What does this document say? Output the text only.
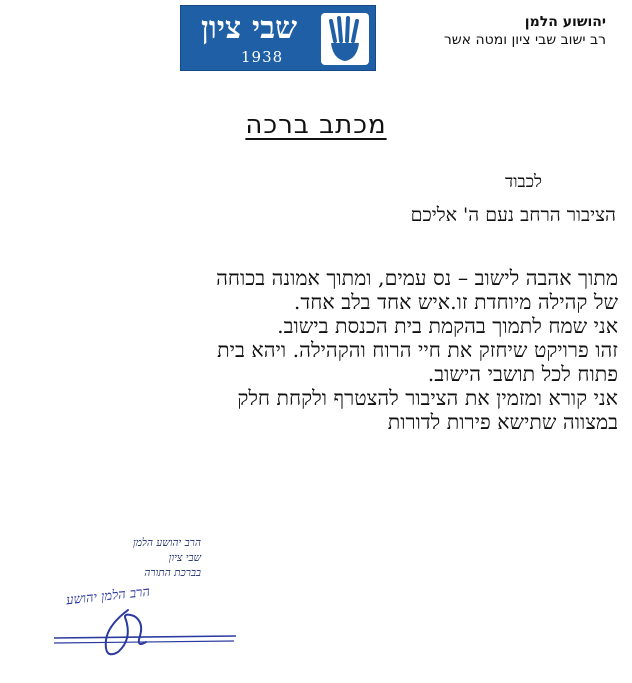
שבי ציון
1938
יהושוע הלמן
רב ישוב שבי ציון ומטה אשר
מכתב ברכה
לכבוד
הציבור הרחב נעם ה' אליכם
מתוך אהבה לישוב – נס עמים, ומתוך אמונה בכוחה
של קהילה מיוחדת זו.איש אחד בלב אחד.
אני שמח לתמוך בהקמת בית הכנסת בישוב.
זהו פרויקט שיחזק את חיי הרוח והקהילה. ויהא בית
פתוח לכל תושבי הישוב.
אני קורא ומזמין את הציבור להצטרף ולקחת חלק
במצווה שתישא פירות לדורות
הרב יהושע הלמן
שבי ציון
בברכת התורה
הרב הלמן יהושע
